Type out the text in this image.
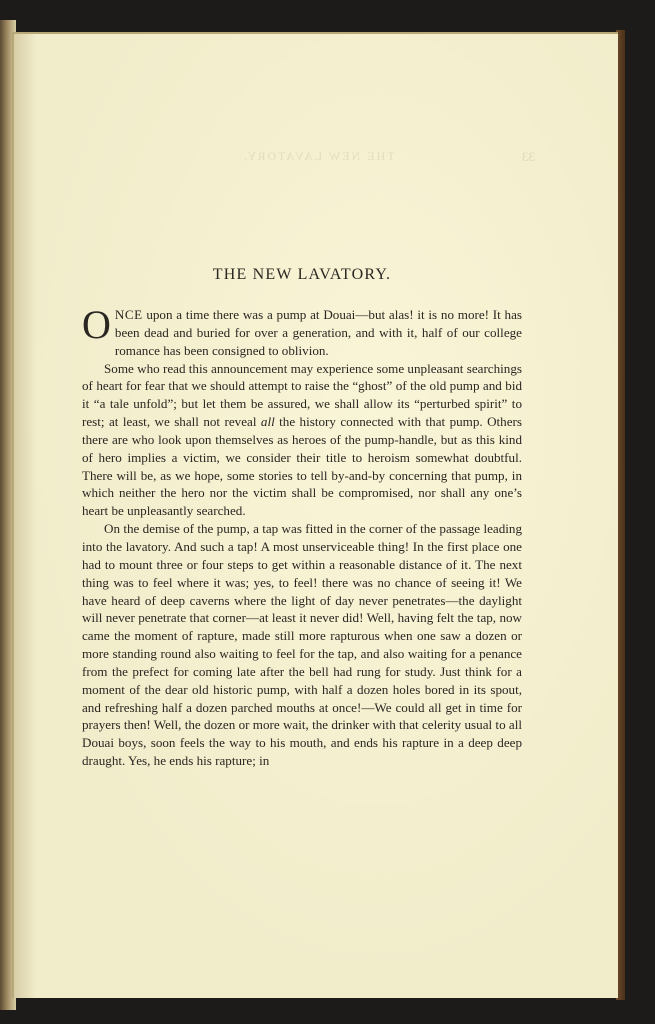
THE NEW LAVATORY.	33
THE NEW LAVATORY.

ONCE upon a time there was a pump at Douai—but alas! it is no more! It has been dead and buried for over a generation, and with it, half of our college romance has been consigned to oblivion.

Some who read this announcement may experience some unpleasant searchings of heart for fear that we should attempt to raise the “ghost” of the old pump and bid it “a tale unfold”; but let them be assured, we shall allow its “perturbed spirit” to rest; at least, we shall not reveal all the history connected with that pump. Others there are who look upon themselves as heroes of the pump-handle, but as this kind of hero implies a victim, we consider their title to heroism somewhat doubtful. There will be, as we hope, some stories to tell by-and-by concerning that pump, in which neither the hero nor the victim shall be compromised, nor shall any one’s heart be unpleasantly searched.

On the demise of the pump, a tap was fitted in the corner of the passage leading into the lavatory. And such a tap! A most unserviceable thing! In the first place one had to mount three or four steps to get within a reasonable distance of it. The next thing was to feel where it was; yes, to feel! there was no chance of seeing it! We have heard of deep caverns where the light of day never penetrates—the daylight will never penetrate that corner—at least it never did! Well, having felt the tap, now came the moment of rapture, made still more rapturous when one saw a dozen or more standing round also waiting to feel for the tap, and also waiting for a penance from the prefect for coming late after the bell had rung for study. Just think for a moment of the dear old historic pump, with half a dozen holes bored in its spout, and refreshing half a dozen parched mouths at once!—We could all get in time for prayers then! Well, the dozen or more wait, the drinker with that celerity usual to all Douai boys, soon feels the way to his mouth, and ends his rapture in a deep deep draught. Yes, he ends his rapture; in
